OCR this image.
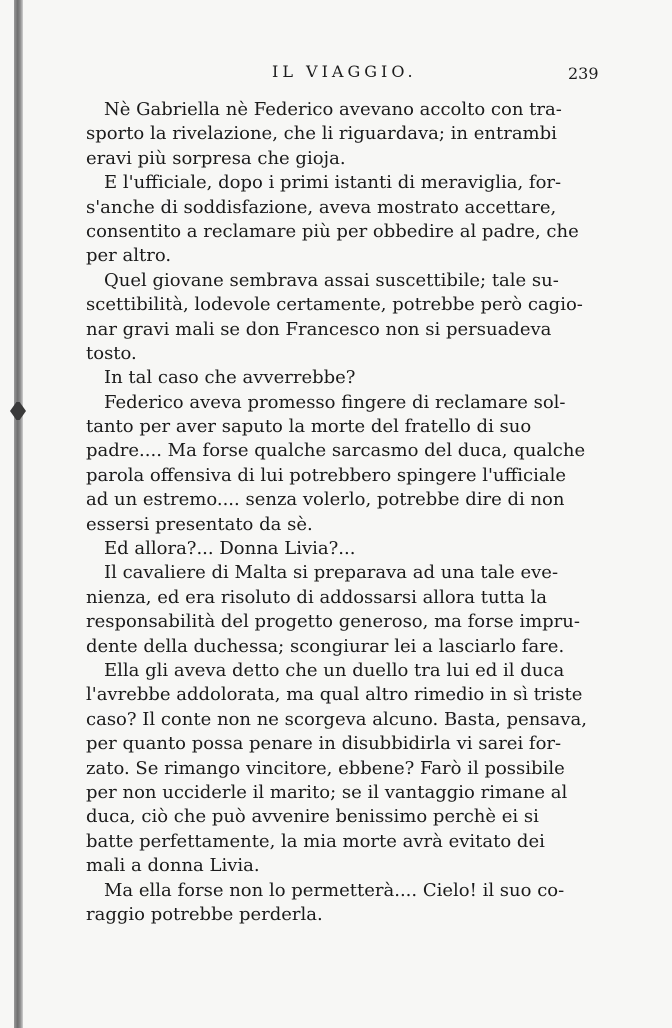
IL VIAGGIO.	239
Nè Gabriella nè Federico avevano accolto con tra-
sporto la rivelazione, che li riguardava; in entrambi
eravi più sorpresa che gioja.
E l'ufficiale, dopo i primi istanti di meraviglia, for-
s'anche di soddisfazione, aveva mostrato accettare,
consentito a reclamare più per obbedire al padre, che
per altro.
Quel giovane sembrava assai suscettibile; tale su-
scettibilità, lodevole certamente, potrebbe però cagio-
nar gravi mali se don Francesco non si persuadeva
tosto.
In tal caso che avverrebbe?
Federico aveva promesso fingere di reclamare sol-
tanto per aver saputo la morte del fratello di suo
padre.... Ma forse qualche sarcasmo del duca, qualche
parola offensiva di lui potrebbero spingere l'ufficiale
ad un estremo.... senza volerlo, potrebbe dire di non
essersi presentato da sè.
Ed allora?... Donna Livia?...
Il cavaliere di Malta si preparava ad una tale eve-
nienza, ed era risoluto di addossarsi allora tutta la
responsabilità del progetto generoso, ma forse impru-
dente della duchessa; scongiurar lei a lasciarlo fare.
Ella gli aveva detto che un duello tra lui ed il duca
l'avrebbe addolorata, ma qual altro rimedio in sì triste
caso? Il conte non ne scorgeva alcuno. Basta, pensava,
per quanto possa penare in disubbidirla vi sarei for-
zato. Se rimango vincitore, ebbene? Farò il possibile
per non ucciderle il marito; se il vantaggio rimane al
duca, ciò che può avvenire benissimo perchè ei si
batte perfettamente, la mia morte avrà evitato dei
mali a donna Livia.
Ma ella forse non lo permetterà.... Cielo! il suo co-
raggio potrebbe perderla.
